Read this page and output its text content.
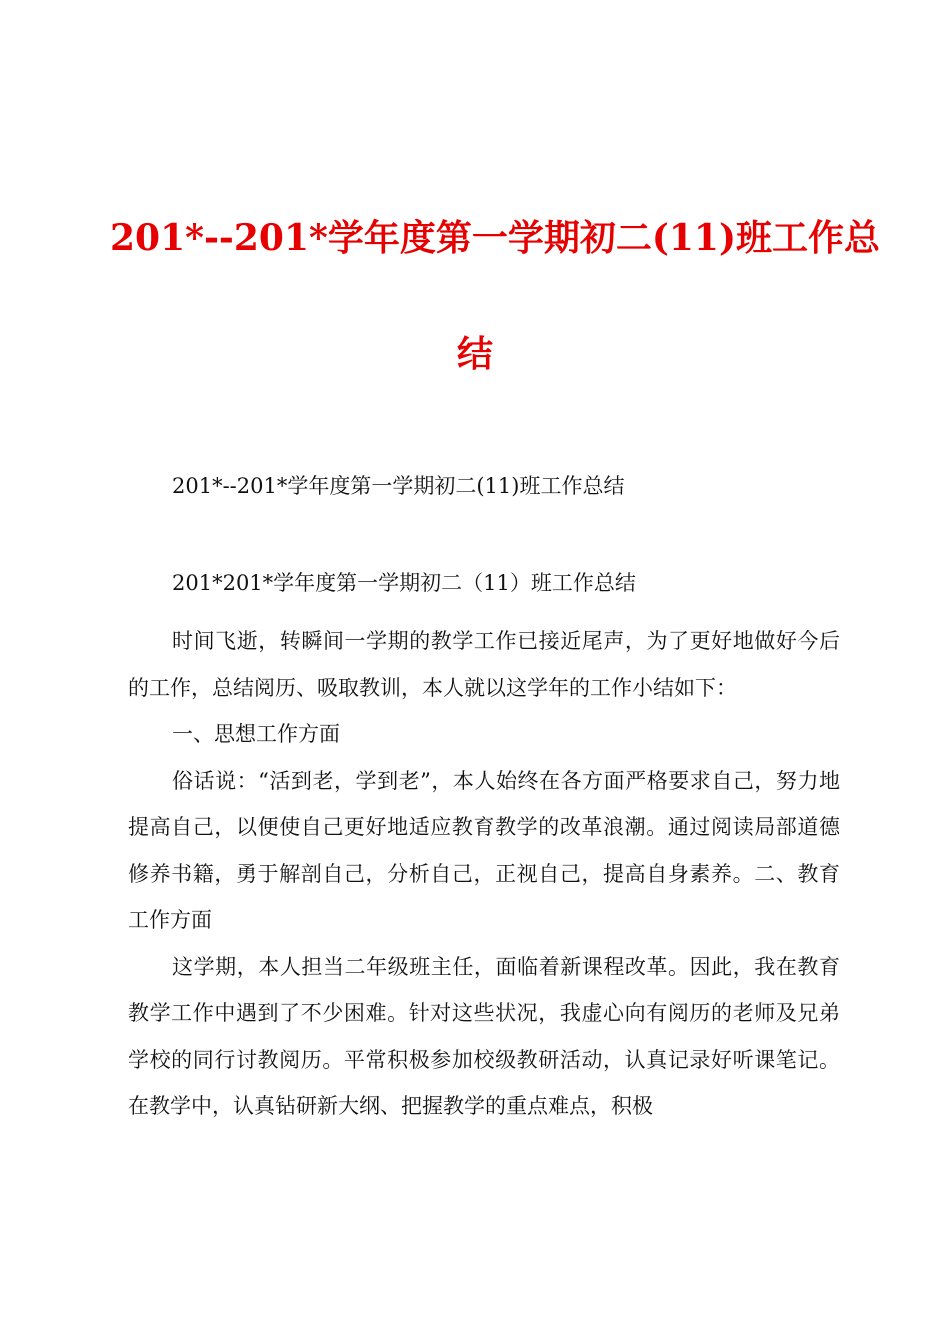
201*--201*学年度第一学期初二(11)班工作总
结
201*--201*学年度第一学期初二(11)班工作总结
201*201*学年度第一学期初二（11）班工作总结

时间飞逝，转瞬间一学期的教学工作已接近尾声，为了更好地做好今后的工作，总结阅历、吸取教训，本人就以这学年的工作小结如下：

一、思想工作方面

俗话说：“活到老，学到老”，本人始终在各方面严格要求自己，努力地提高自己，以便使自己更好地适应教育教学的改革浪潮。通过阅读局部道德修养书籍，勇于解剖自己，分析自己，正视自己，提高自身素养。二、教育工作方面

这学期，本人担当二年级班主任，面临着新课程改革。因此，我在教育教学工作中遇到了不少困难。针对这些状况，我虚心向有阅历的老师及兄弟学校的同行讨教阅历。平常积极参加校级教研活动，认真记录好听课笔记。在教学中，认真钻研新大纲、把握教学的重点难点，积极
